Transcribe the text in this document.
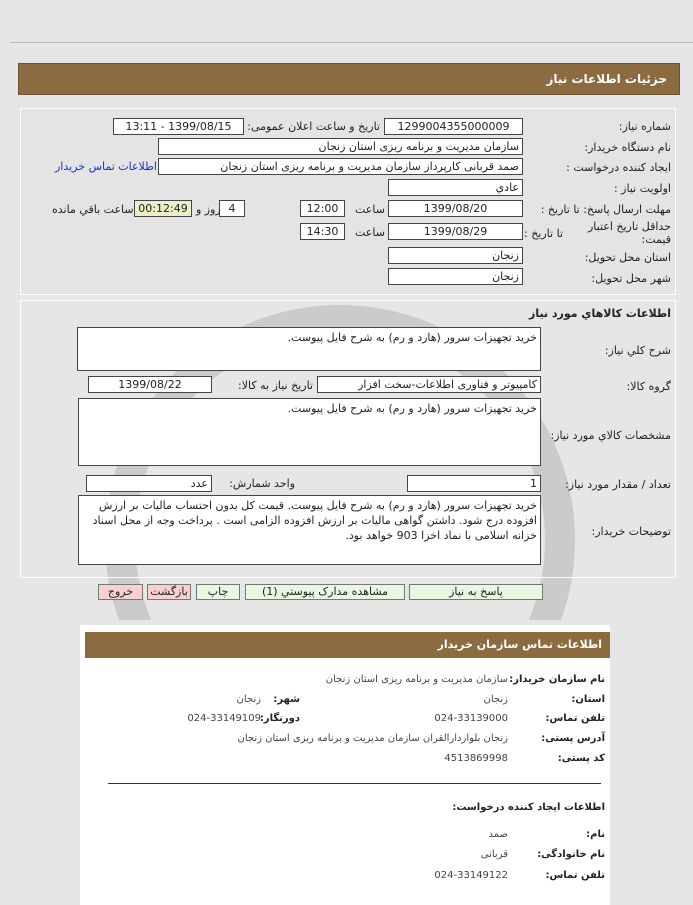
جزئیات اطلاعات نیاز
شماره نیاز:
1299004355000009
تاریخ و ساعت اعلان عمومی:
1399/08/15 - 13:11
نام دستگاه خریدار:
سازمان مدیریت و برنامه ریزی استان زنجان
ایجاد کننده درخواست :
صمد قربانی کارپرداز سازمان مدیریت و برنامه ریزی استان زنجان
اطلاعات تماس خریدار
اولویت نیاز :
عادي
مهلت ارسال پاسخ: تا تاریخ :
1399/08/20
ساعت
12:00
4
روز و
00:12:49
ساعت باقي مانده
حداقل تاریخ اعتبار قیمت:
تا تاریخ :
1399/08/29
ساعت
14:30
استان محل تحویل:
زنجان
شهر محل تحویل:
زنجان
اطلاعات کالاهاي مورد نیاز
شرح کلي نیاز:
خرید تجهیزات سرور (هارد و رم) به شرح فایل پیوست.
گروه کالا:
کامپیوتر و فناوری اطلاعات-سخت افزار
تاریخ نیاز به کالا:
1399/08/22
مشخصات کالاي مورد نیاز:
خرید تجهیزات سرور (هارد و رم) به شرح فایل پیوست.
تعداد / مقدار مورد نیاز:
1
واحد شمارش:
عدد
توضیحات خریدار:
خرید تجهیزات سرور (هارد و رم) به شرح فایل پیوست. قیمت کل بدون احتساب مالیات بر ارزش افزوده درج شود. داشتن گواهی مالیات بر ارزش افزوده الزامی است . پرداخت وجه از محل اسناد خزانه اسلامی با نماد اخزا 903 خواهد بود.
پاسخ به نیاز
مشاهده مدارک پیوستي (1)
چاپ
بازگشت
خروج
اطلاعات تماس سازمان خریدار
نام سازمان خریدار:
سازمان مدیریت و برنامه ریزی استان زنجان
استان:
زنجان
شهر:
زنجان
تلفن تماس:
024-33139000
دورنگار:
024-33149109
آدرس پستی:
زنجان بلواردارالقران سازمان مدیریت و برنامه ریزی استان زنجان
کد پستی:
4513869998
اطلاعات ایجاد کننده درخواست:
نام:
صمد
نام خانوادگی:
قربانی
تلفن تماس:
024-33149122
